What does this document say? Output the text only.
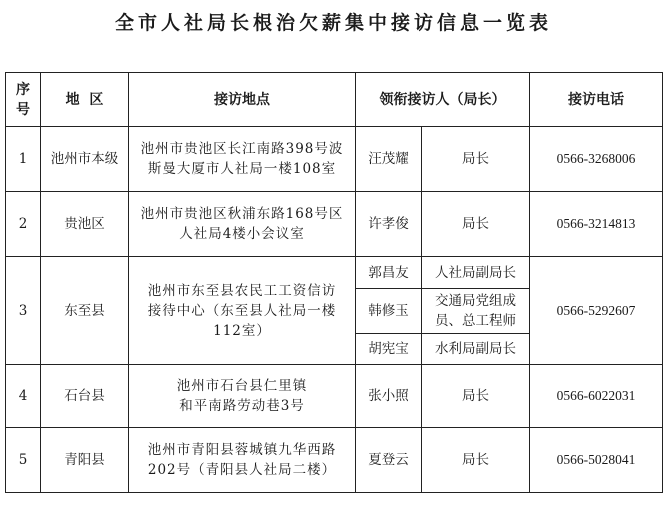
全市人社局长根治欠薪集中接访信息一览表
序号	地  区	接访地点	领衔接访人（局长）		接访电话
1	池州市本级	池州市贵池区长江南路398号波
斯曼大厦市人社局一楼108室	汪茂耀	局长	0566-3268006
2	贵池区	池州市贵池区秋浦东路168号区
人社局4楼小会议室	许孝俊	局长	0566-3214813
3	东至县	池州市东至县农民工工资信访
接待中心（东至县人社局一楼
112室）	郭昌友	人社局副局长	0566-5292607
			韩修玉	交通局党组成
员、总工程师	

			胡宪宝	水利局副局长	
4	石台县	池州市石台县仁里镇
和平南路劳动巷3号	张小照	局长	0566-6022031
5	青阳县	池州市青阳县蓉城镇九华西路
202号（青阳县人社局二楼）	夏登云	局长	0566-5028041
